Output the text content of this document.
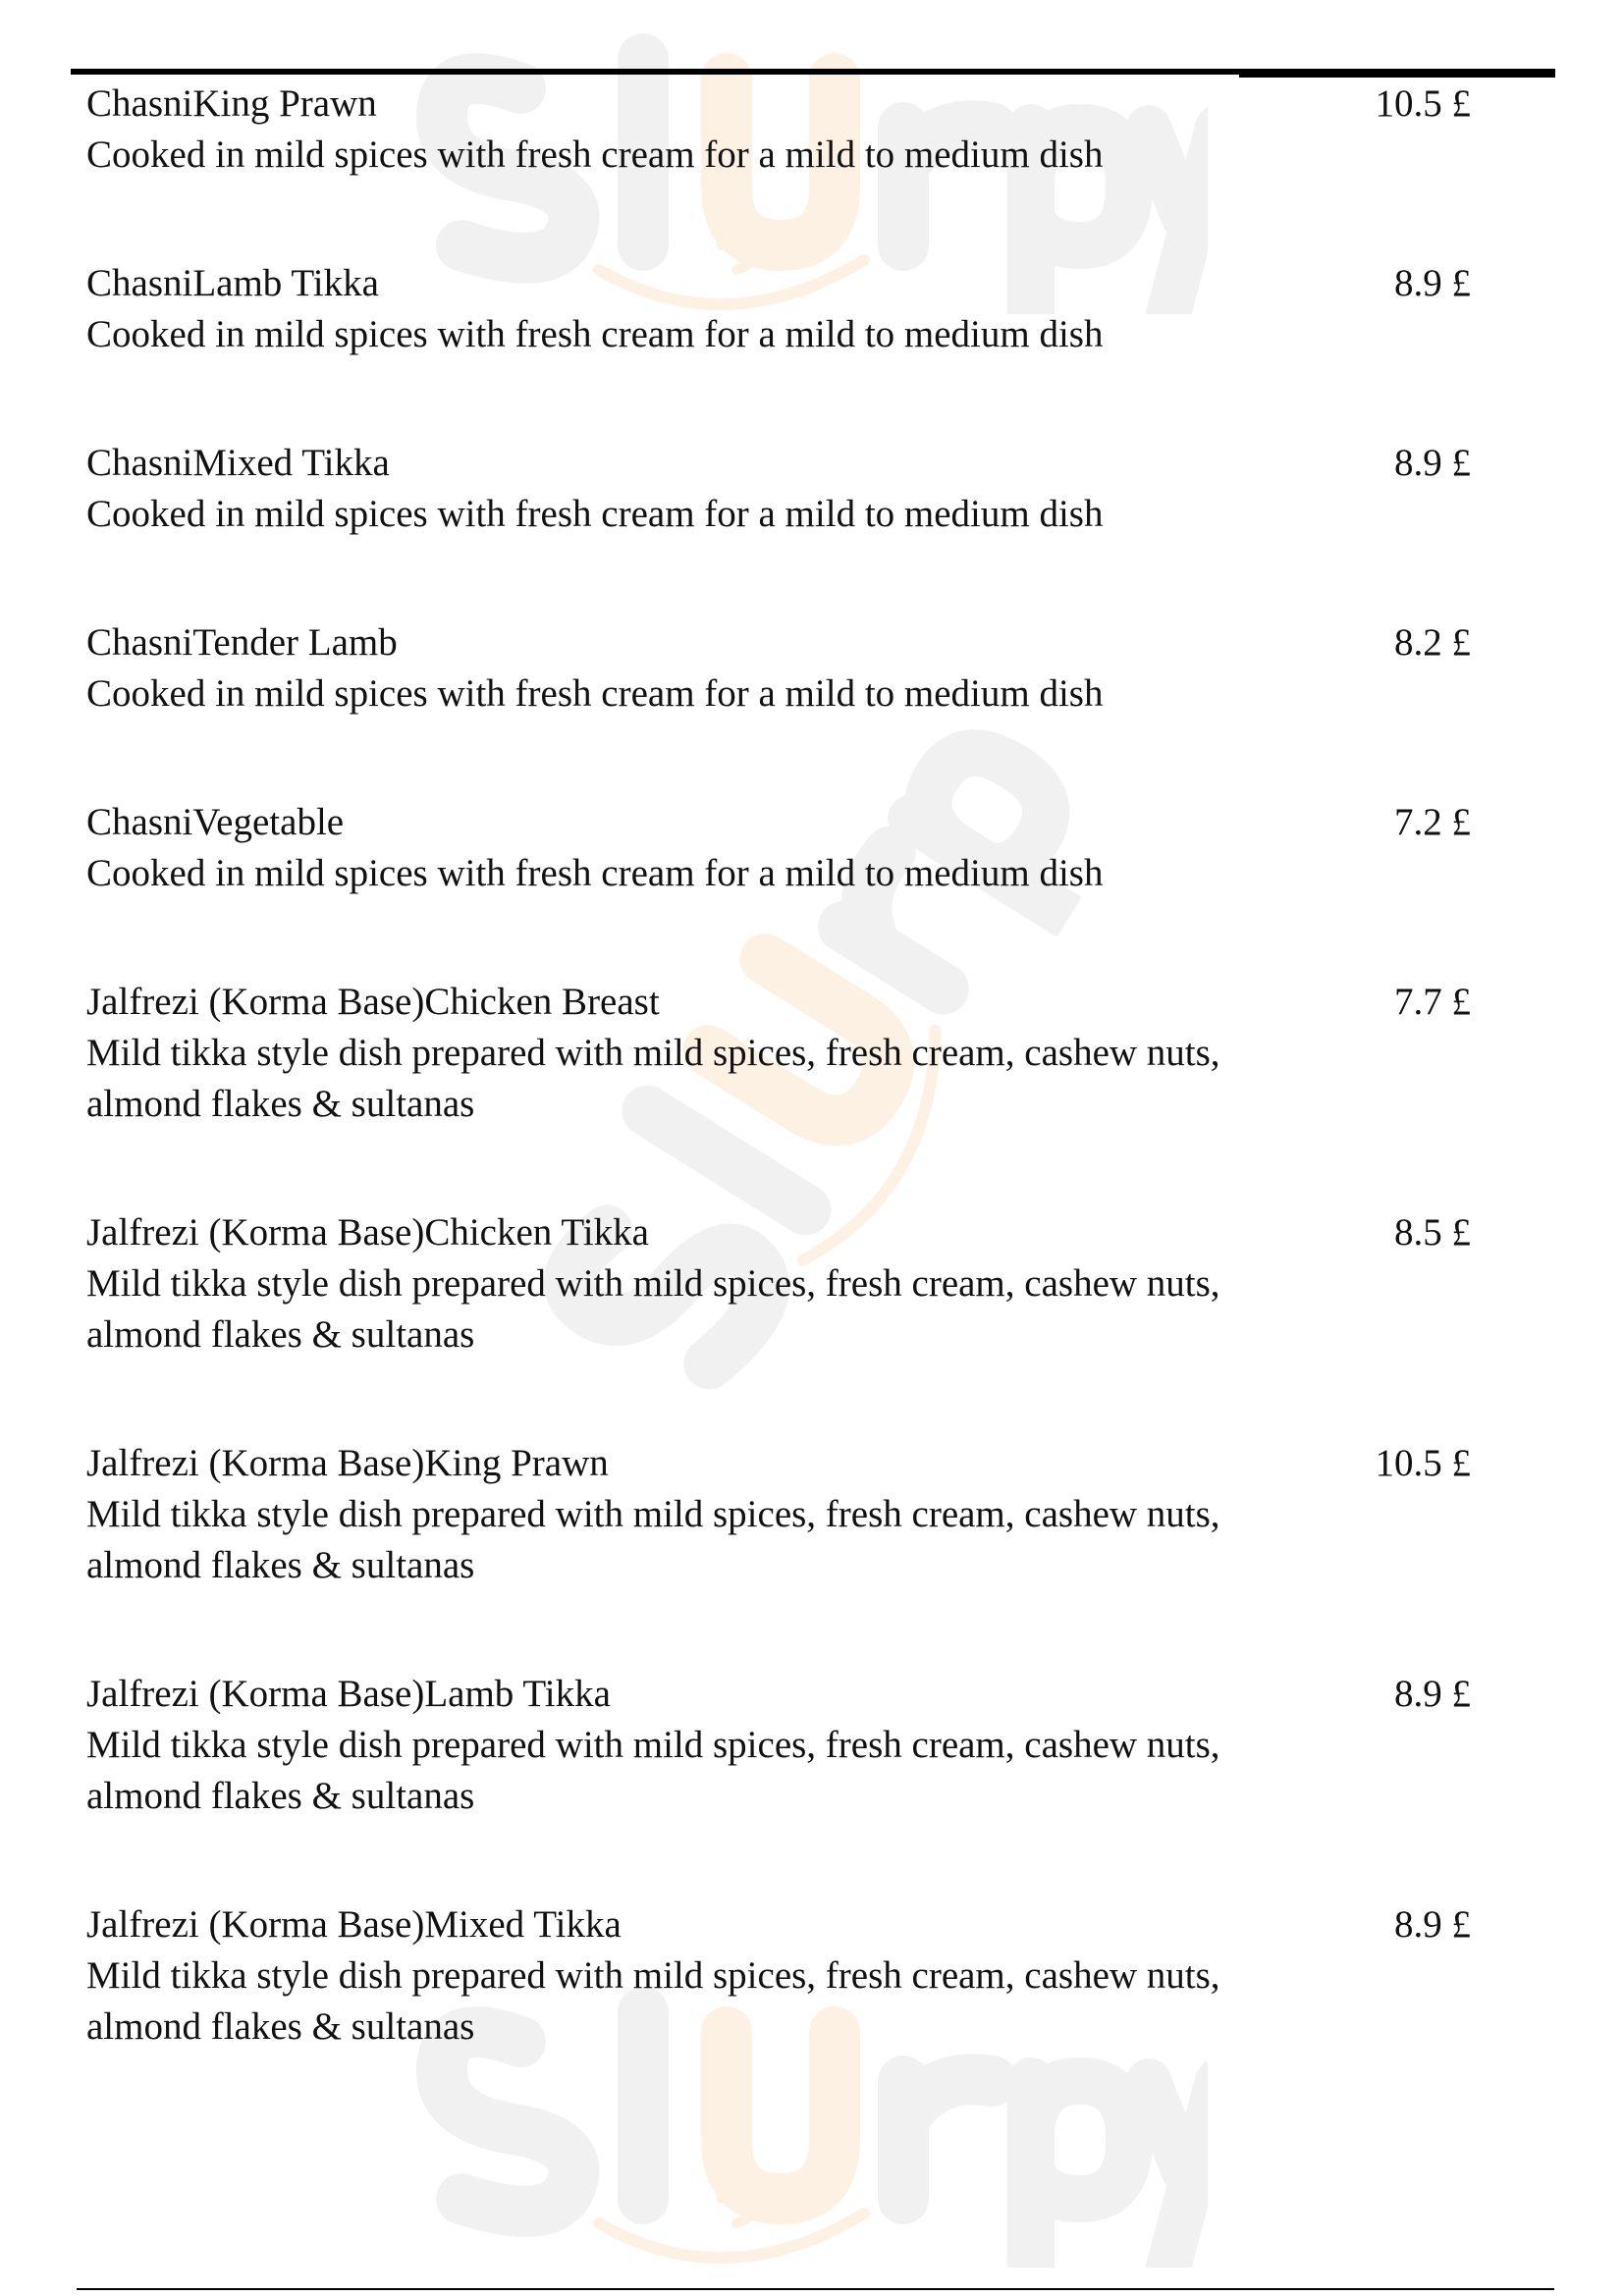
ChasniKing Prawn
Cooked in mild spices with fresh cream for a mild to medium dish
10.5 £
ChasniLamb Tikka
Cooked in mild spices with fresh cream for a mild to medium dish
8.9 £
ChasniMixed Tikka
Cooked in mild spices with fresh cream for a mild to medium dish
8.9 £
ChasniTender Lamb
Cooked in mild spices with fresh cream for a mild to medium dish
8.2 £
ChasniVegetable
Cooked in mild spices with fresh cream for a mild to medium dish
7.2 £
Jalfrezi (Korma Base)Chicken Breast
Mild tikka style dish prepared with mild spices, fresh cream, cashew nuts, almond flakes & sultanas
7.7 £
Jalfrezi (Korma Base)Chicken Tikka
Mild tikka style dish prepared with mild spices, fresh cream, cashew nuts, almond flakes & sultanas
8.5 £
Jalfrezi (Korma Base)King Prawn
Mild tikka style dish prepared with mild spices, fresh cream, cashew nuts, almond flakes & sultanas
10.5 £
Jalfrezi (Korma Base)Lamb Tikka
Mild tikka style dish prepared with mild spices, fresh cream, cashew nuts, almond flakes & sultanas
8.9 £
Jalfrezi (Korma Base)Mixed Tikka
Mild tikka style dish prepared with mild spices, fresh cream, cashew nuts, almond flakes & sultanas
8.9 £
